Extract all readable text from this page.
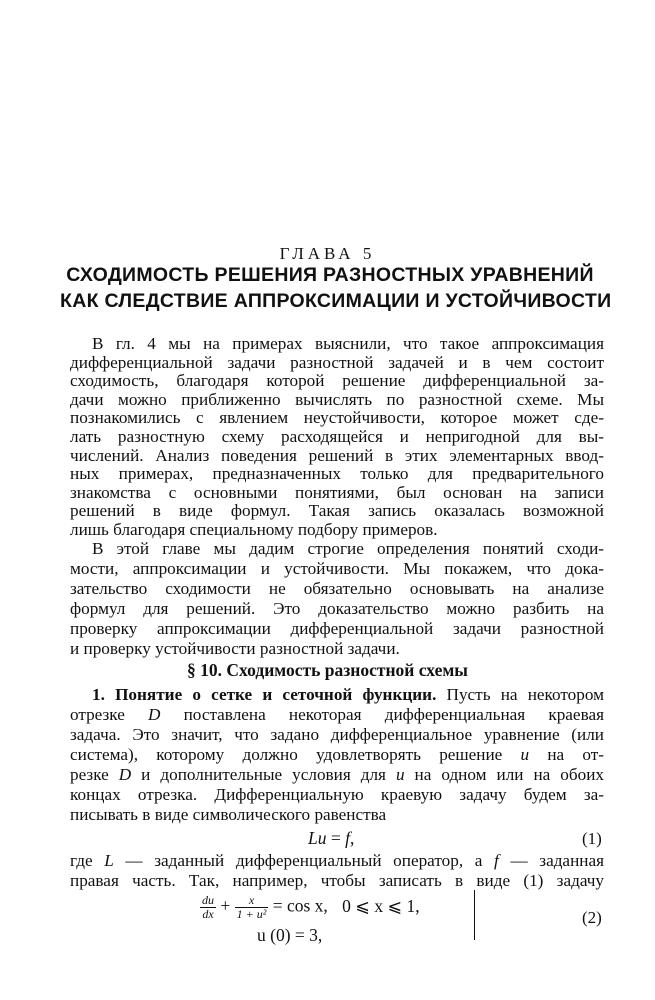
ГЛАВА 5
СХОДИМОСТЬ РЕШЕНИЯ РАЗНОСТНЫХ УРАВНЕНИЙ
КАК СЛЕДСТВИЕ АППРОКСИМАЦИИ И УСТОЙЧИВОСТИ
В гл. 4 мы на примерах выяснили, что такое аппроксимация
дифференциальной задачи разностной задачей и в чем состоит
сходимость, благодаря которой решение дифференциальной за-
дачи можно приближенно вычислять по разностной схеме. Мы
познакомились с явлением неустойчивости, которое может сде-
лать разностную схему расходящейся и непригодной для вы-
числений. Анализ поведения решений в этих элементарных ввод-
ных примерах, предназначенных только для предварительного
знакомства с основными понятиями, был основан на записи
решений в виде формул. Такая запись оказалась возможной
лишь благодаря специальному подбору примеров.
В этой главе мы дадим строгие определения понятий сходи-
мости, аппроксимации и устойчивости. Мы покажем, что дока-
зательство сходимости не обязательно основывать на анализе
формул для решений. Это доказательство можно разбить на
проверку аппроксимации дифференциальной задачи разностной
§ 10. Сходимость разностной схемы
1. Понятие о сетке и сеточной функции. Пусть на некотором
отрезке D поставлена некоторая дифференциальная краевая
задача. Это значит, что задано дифференциальное уравнение (или
система), которому должно удовлетворять решение u на от-
резке D и дополнительные условия для u на одном или на обоих
концах отрезка. Дифференциальную краевую задачу будем за-
писывать в виде символического равенства
Lu = f,	(1)
где L — заданный дифференциальный оператор, а f — заданная
правая часть. Так, например, чтобы записать в виде (1) задачу
$\frac{du}{dx} + \frac{x}{\text{1 + u²}} = \cos x$, 0 ⩽ x ⩽ 1,
u (0) = 3,
(2)
и проверку устойчивости разностной задачи.
